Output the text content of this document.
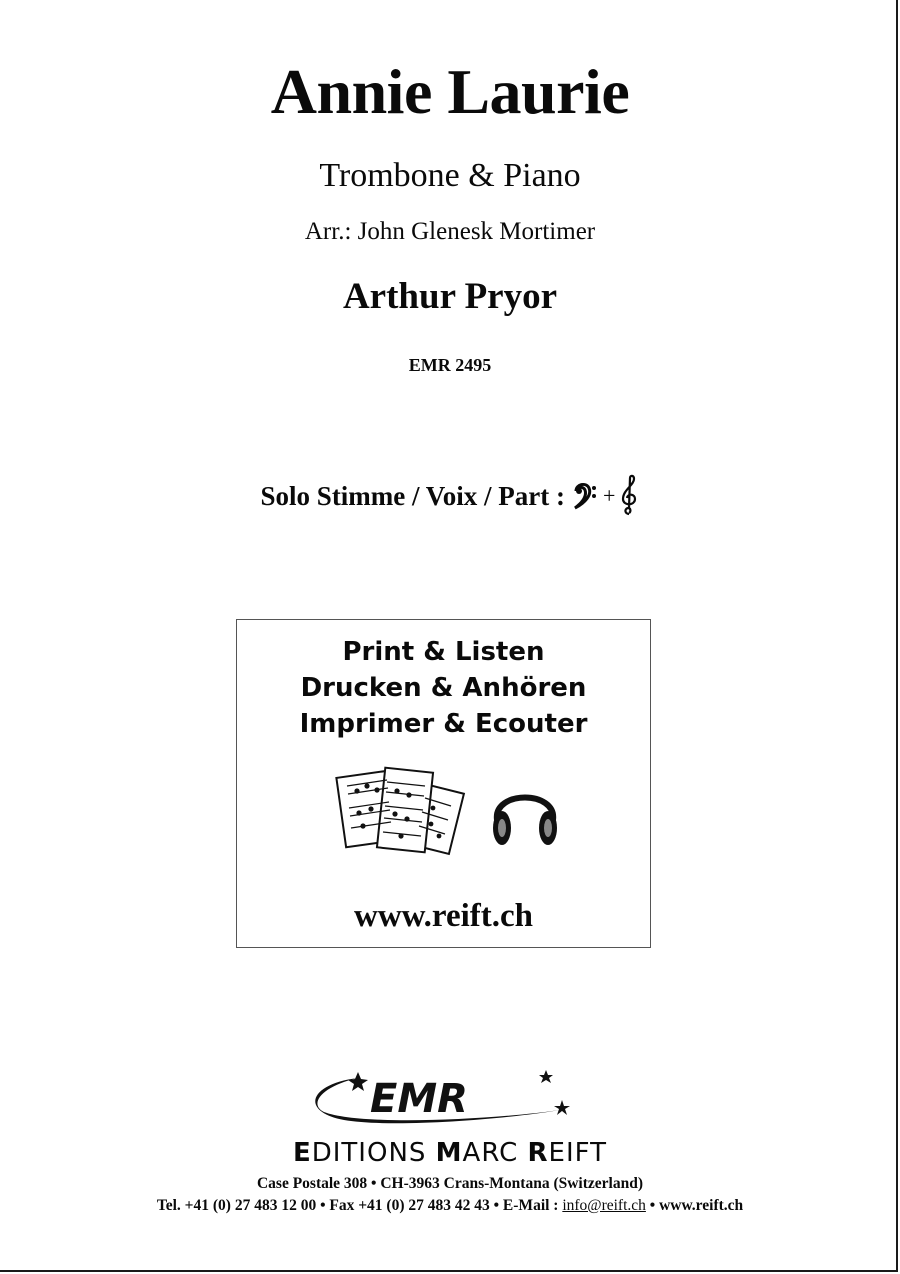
Annie Laurie
Trombone & Piano
Arr.: John Glenesk Mortimer
Arthur Pryor
EMR 2495
Solo Stimme / Voix / Part : +
Print & Listen
Drucken & Anhören
Imprimer & Ecouter
www.reift.ch
EMR
EDITIONS MARC REIFT
Case Postale 308 • CH-3963 Crans-Montana (Switzerland)
Tel. +41 (0) 27 483 12 00 • Fax +41 (0) 27 483 42 43 • E-Mail : info@reift.ch • www.reift.ch
